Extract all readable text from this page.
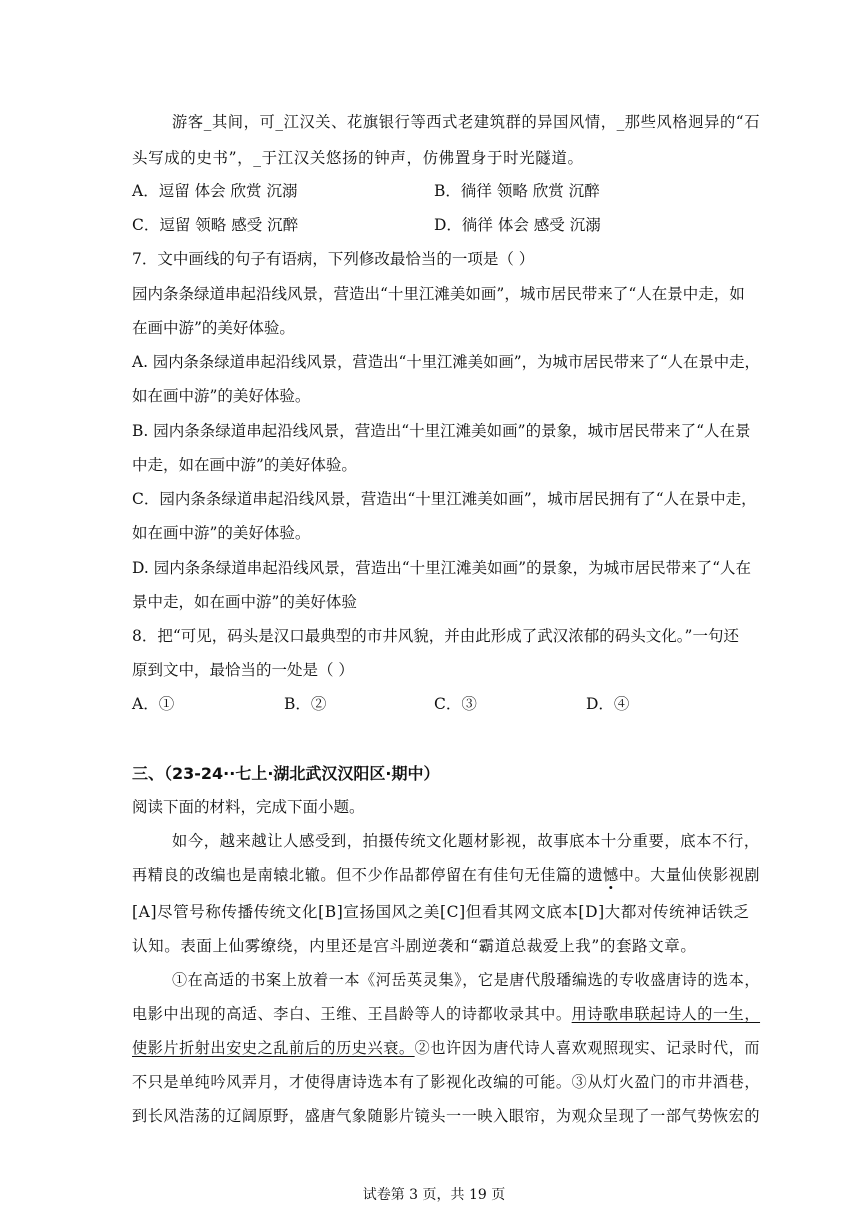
游客_其间，可_江汉关、花旗银行等西式老建筑群的异国风情，_那些风格迥异的“石
头写成的史书”，_于江汉关悠扬的钟声，仿佛置身于时光隧道。
A．逗留 体会 欣赏 沉溺	B．徜徉 领略 欣赏 沉醉
C．逗留 领略 感受 沉醉	D．徜徉 体会 感受 沉溺
7．文中画线的句子有语病，下列修改最恰当的一项是（ ）
园内条条绿道串起沿线风景，营造出“十里江滩美如画”，城市居民带来了“人在景中走，如
在画中游”的美好体验。
A. 园内条条绿道串起沿线风景，营造出“十里江滩美如画”，为城市居民带来了“人在景中走，
如在画中游”的美好体验。
B. 园内条条绿道串起沿线风景，营造出“十里江滩美如画”的景象，城市居民带来了“人在景
中走，如在画中游”的美好体验。
C．园内条条绿道串起沿线风景，营造出“十里江滩美如画”，城市居民拥有了“人在景中走，
如在画中游”的美好体验。
D. 园内条条绿道串起沿线风景，营造出“十里江滩美如画”的景象，为城市居民带来了“人在
景中走，如在画中游”的美好体验
8．把“可见，码头是汉口最典型的市井风貌，并由此形成了武汉浓郁的码头文化。”一句还
原到文中，最恰当的一处是（ ）
A．①	B．②	C．③	D．④
三、（23-24··七上·湖北武汉汉阳区·期中）
阅读下面的材料，完成下面小题。
如今，越来越让人感受到，拍摄传统文化题材影视，故事底本十分重要，底本不行，
再精良的改编也是南辕北辙。但不少作品都停留在有佳句无佳篇的遗憾中。大量仙侠影视剧
[A]尽管号称传播传统文化[B]宣扬国风之美[C]但看其网文底本[D]大都对传统神话铁乏
认知。表面上仙雾缭绕，内里还是宫斗剧逆袭和“霸道总裁爱上我”的套路文章。
①在高适的书案上放着一本《河岳英灵集》，它是唐代殷璠编选的专收盛唐诗的选本，
电影中出现的高适、李白、王维、王昌龄等人的诗都收录其中。用诗歌串联起诗人的一生，
使影片折射出安史之乱前后的历史兴衰。②也许因为唐代诗人喜欢观照现实、记录时代，而
不只是单纯吟风弄月，才使得唐诗选本有了影视化改编的可能。③从灯火盈门的市井酒巷，
到长风浩荡的辽阔原野，盛唐气象随影片镜头一一映入眼帘，为观众呈现了一部气势恢宏的
试卷第 3 页，共 19 页
